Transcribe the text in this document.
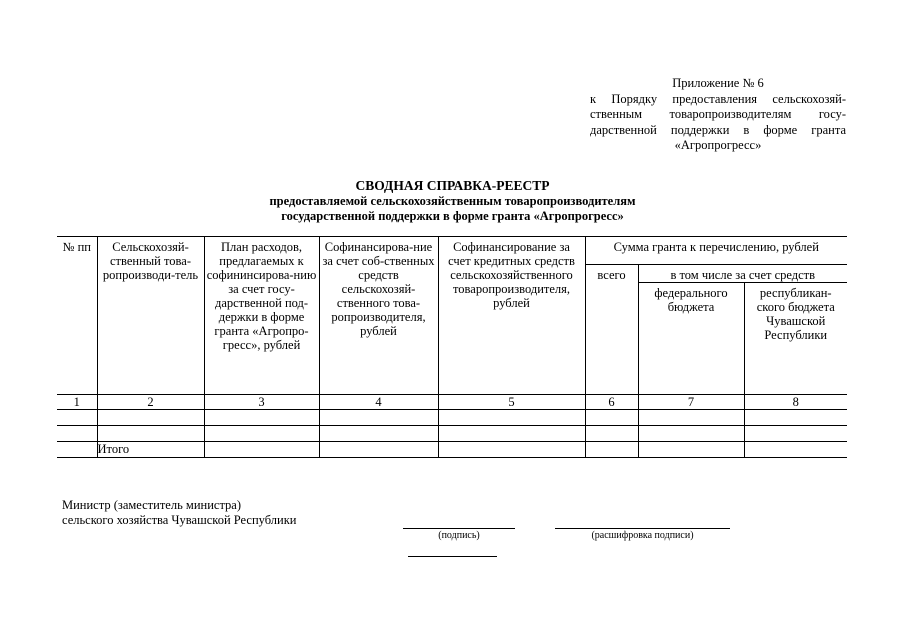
Приложение № 6
к Порядку предоставления сельскохозяй-
ственным товаропроизводителям госу-
дарственной поддержки в форме гранта
«Агропрогресс»
СВОДНАЯ СПРАВКА-РЕЕСТР
предоставляемой сельскохозяйственным товаропроизводителям
государственной поддержки в форме гранта «Агропрогресс»
№ пп	Сельскохозяй-ственный това-ропроизводи-тель	План расходов, предлагаемых к софининсирова-нию за счет госу-дарственной под-держки в форме гранта «Агропро-гресс», рублей	Софинансирова-ние за счет соб-ственных средств сельскохозяй-ственного това-ропроизводителя, рублей	Софинансирование за счет кредитных средств сельскохозяйственного товаропроизводителя, рублей	Сумма гранта к перечислению, рублей		
					всего	в том числе за счет средств	
						федерального бюджета	республикан-ского бюджета Чувашской Республики
1	2	3	4	5	6	7	8

	Итого						
Министр (заместитель министра)
сельского хозяйства Чувашской Республики
(подпись)	(расшифровка подписи)
